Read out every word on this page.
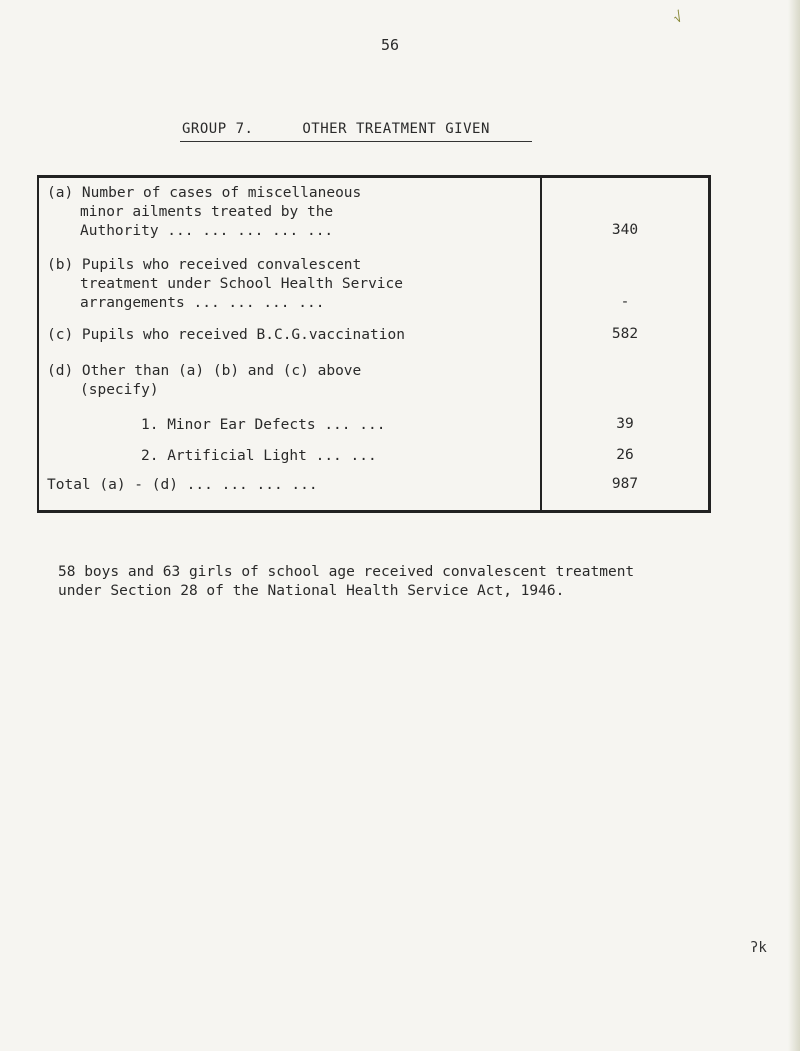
√
56
GROUP 7.	OTHER TREATMENT GIVEN
(a) Number of cases of miscellaneous
minor ailments treated by the
Authority ... ... ... ... ...	340
(b) Pupils who received convalescent
treatment under School Health Service
arrangements ... ... ... ...	-
(c) Pupils who received B.C.G.vaccination	582
(d) Other than (a) (b) and (c) above
(specify)
1. Minor Ear Defects ... ...	39
2. Artificial Light ... ...	26
Total (a) - (d) ... ... ... ...	987
58 boys and 63 girls of school age received convalescent treatment
under Section 28 of the National Health Service Act, 1946.
ʔk
